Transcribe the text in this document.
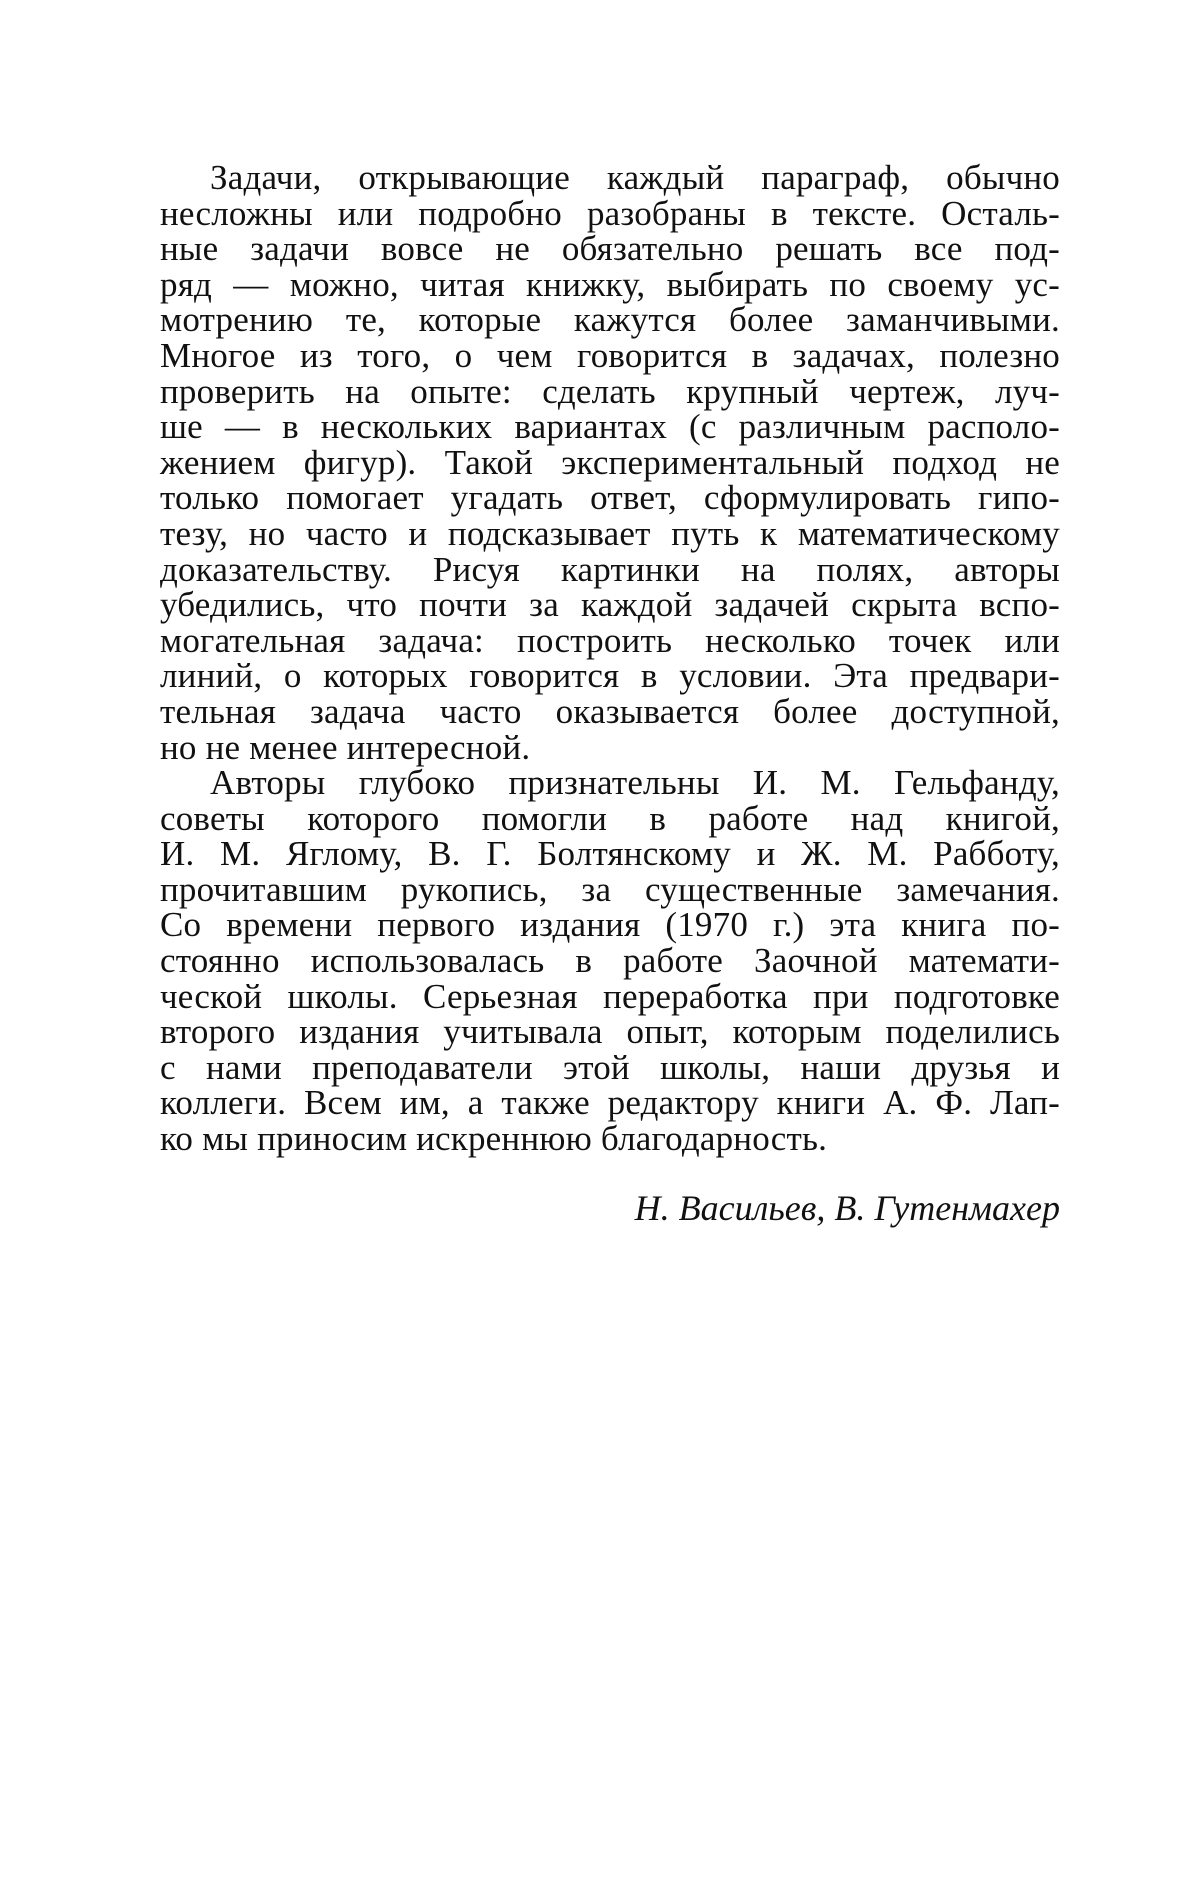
Задачи, открывающие каждый параграф, обычно
несложны или подробно разобраны в тексте. Осталь-
ные задачи вовсе не обязательно решать все под-
ряд — можно, читая книжку, выбирать по своему ус-
мотрению те, которые кажутся более заманчивыми.
Многое из того, о чем говорится в задачах, полезно
проверить на опыте: сделать крупный чертеж, луч-
ше — в нескольких вариантах (с различным располо-
жением фигур). Такой экспериментальный подход не
только помогает угадать ответ, сформулировать гипо-
тезу, но часто и подсказывает путь к математическому
доказательству. Рисуя картинки на полях, авторы
убедились, что почти за каждой задачей скрыта вспо-
могательная задача: построить несколько точек или
линий, о которых говорится в условии. Эта предвари-
тельная задача часто оказывается более доступной,
но не менее интересной.
Авторы глубоко признательны И. М. Гельфанду,
советы которого помогли в работе над книгой,
И. М. Яглому, В. Г. Болтянскому и Ж. М. Рабботу,
прочитавшим рукопись, за существенные замечания.
Со времени первого издания (1970 г.) эта книга по-
стоянно использовалась в работе Заочной математи-
ческой школы. Серьезная переработка при подготовке
второго издания учитывала опыт, которым поделились
с нами преподаватели этой школы, наши друзья и
коллеги. Всем им, а также редактору книги А. Ф. Лап-
ко мы приносим искреннюю благодарность.
Н. Васильев, В. Гутенмахер
